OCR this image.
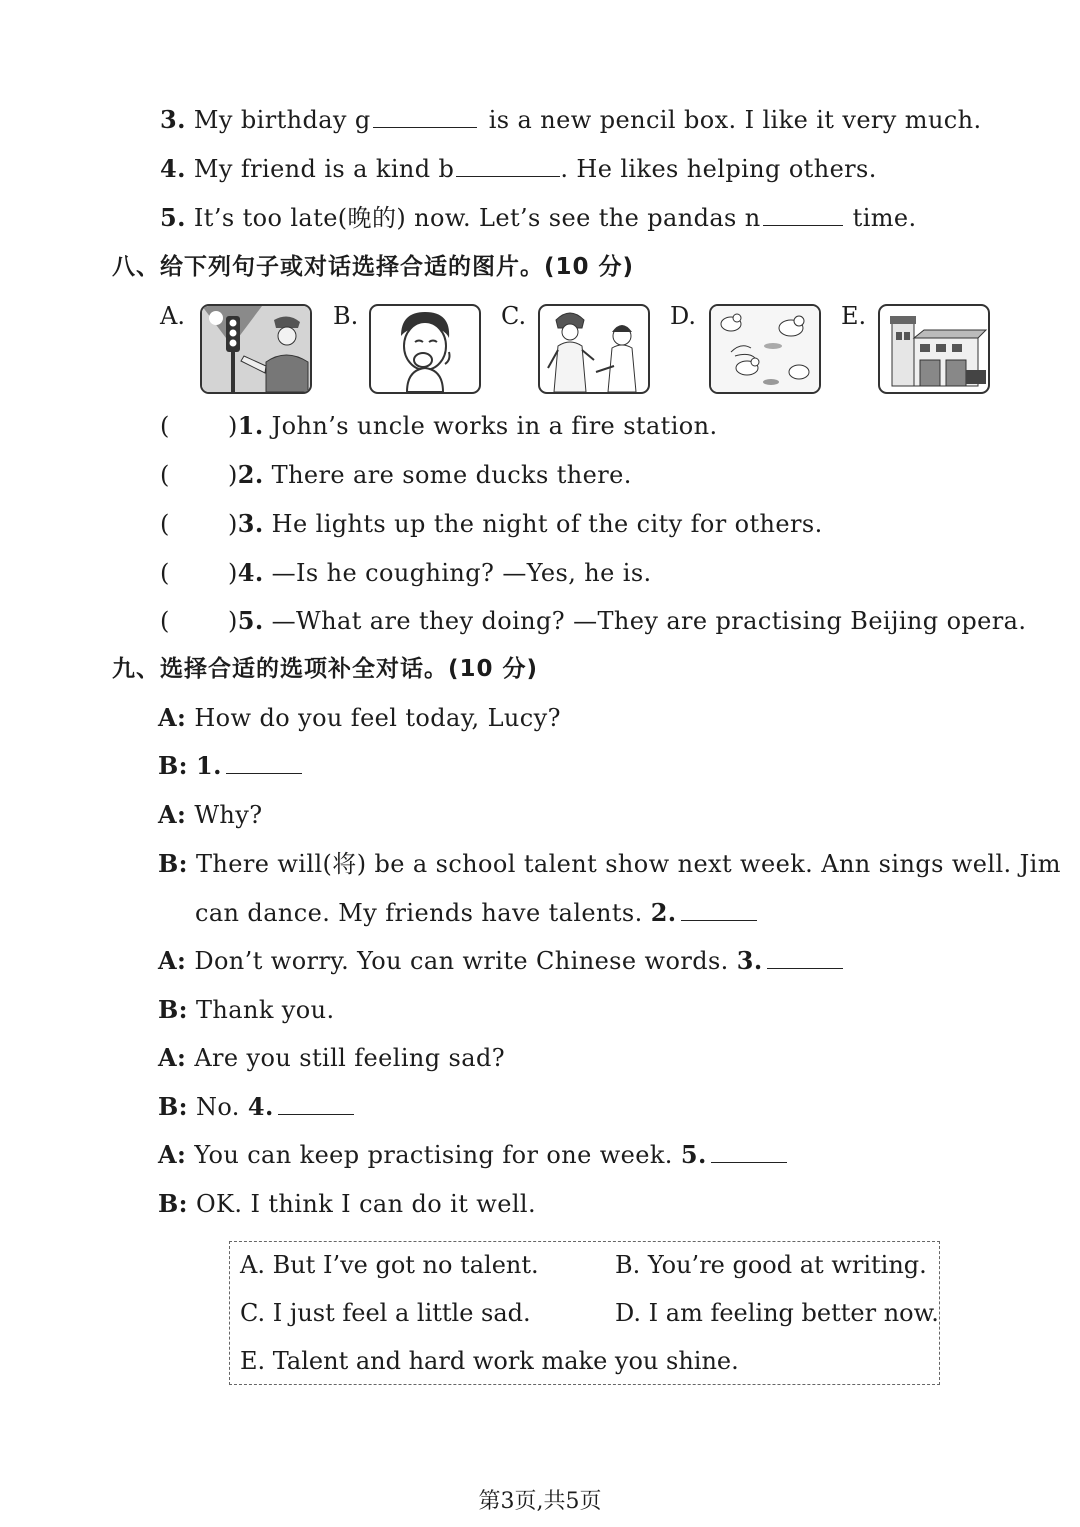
3. My birthday g	is a new pencil box. I like it very much.
4. My friend is a kind b	. He likes helping others.
5. It’s too late(晚的) now. Let’s see the pandas n	time.
八、给下列句子或对话选择合适的图片。(10 分)
A.	B.	C.	D.	E.
( )1. John’s uncle works in a fire station.
( )2. There are some ducks there.
( )3. He lights up the night of the city for others.
( )4. —Is he coughing? —Yes, he is.
( )5. —What are they doing? —They are practising Beijing opera.
九、选择合适的选项补全对话。(10 分)
A: How do you feel today, Lucy?
B: 1.
A: Why?
B: There will(将) be a school talent show next week. Ann sings well. Jim
can dance. My friends have talents. 2.
A: Don’t worry. You can write Chinese words. 3.
B: Thank you.
A: Are you still feeling sad?
B: No. 4.
A: You can keep practising for one week. 5.
B: OK. I think I can do it well.
A. But I’ve got no talent.	B. You’re good at writing.
C. I just feel a little sad.	D. I am feeling better now.
E. Talent and hard work make you shine.
第3页,共5页
